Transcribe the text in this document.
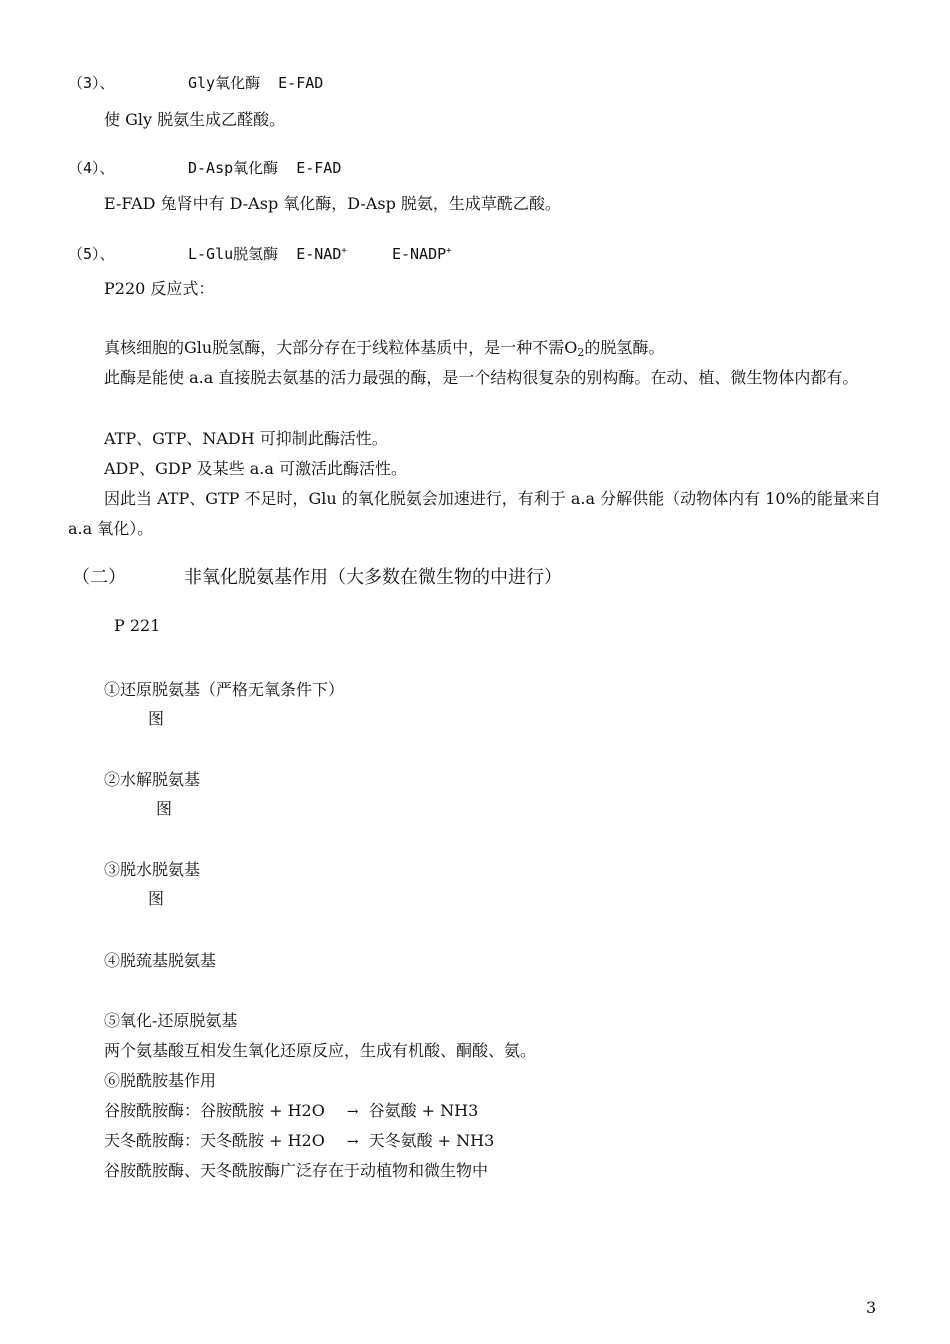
（3）、	Gly氧化酶 E-FAD
使 Gly 脱氨生成乙醛酸。
（4）、	D-Asp氧化酶 E-FAD
E-FAD 兔肾中有 D-Asp 氧化酶，D-Asp 脱氨，生成草酰乙酸。
（5）、	L-Glu脱氢酶 E-NAD+	E-NADP+
P220 反应式：
真核细胞的Glu脱氢酶，大部分存在于线粒体基质中，是一种不需$O_2$的脱氢酶。
此酶是能使 a.a 直接脱去氨基的活力最强的酶，是一个结构很复杂的别构酶。在动、植、微生物体内都有。
ATP、GTP、NADH 可抑制此酶活性。
ADP、GDP 及某些 a.a 可激活此酶活性。
因此当 ATP、GTP 不足时，Glu 的氧化脱氨会加速进行，有利于 a.a 分解供能（动物体内有 10%的能量来自 a.a 氧化）。
（二）	非氧化脱氨基作用（大多数在微生物的中进行）
P 221
①还原脱氨基（严格无氧条件下）
图
②水解脱氨基
图
③脱水脱氨基
图
④脱巯基脱氨基
⑤氧化-还原脱氨基
两个氨基酸互相发生氧化还原反应，生成有机酸、酮酸、氨。
⑥脱酰胺基作用
谷胺酰胺酶：谷胺酰胺 + H2O → 谷氨酸 + NH3
天冬酰胺酶：天冬酰胺 + H2O → 天冬氨酸 + NH3
谷胺酰胺酶、天冬酰胺酶广泛存在于动植物和微生物中
3
